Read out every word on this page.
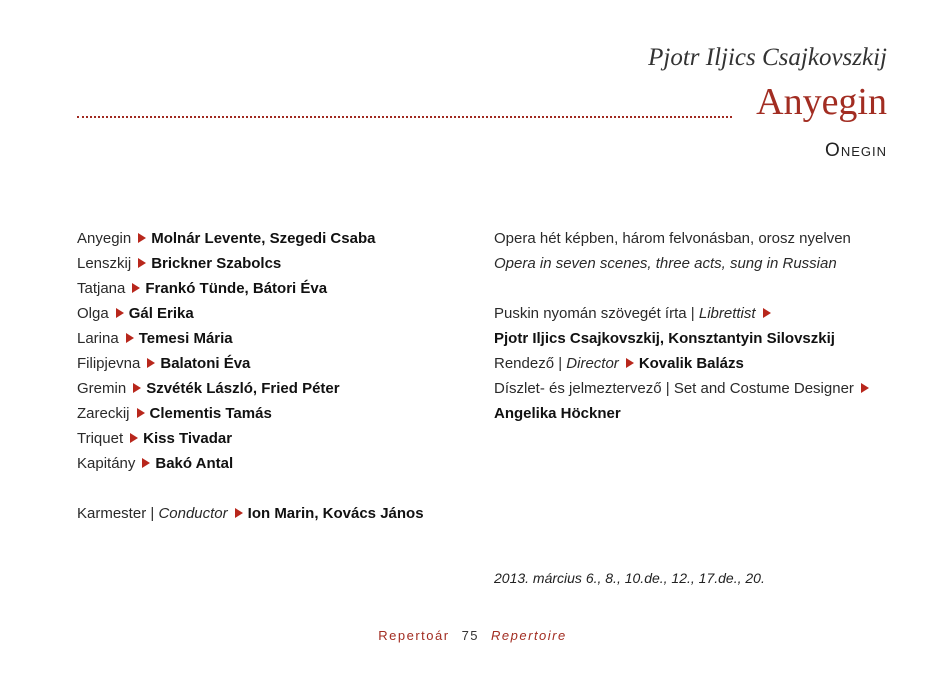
Pjotr Iljics Csajkovszkij
Anyegin
Onegin
Anyegin Molnár Levente, Szegedi Csaba
Lenszkij Brickner Szabolcs
Tatjana Frankó Tünde, Bátori Éva
Olga Gál Erika
Larina Temesi Mária
Filipjevna Balatoni Éva
Gremin Szvéték László, Fried Péter
Zareckij Clementis Tamás
Triquet Kiss Tivadar
Kapitány Bakó Antal
Karmester | Conductor Ion Marin, Kovács János
Opera hét képben, három felvonásban, orosz nyelven
Opera in seven scenes, three acts, sung in Russian
Puskin nyomán szövegét írta | Librettist
Pjotr Iljics Csajkovszkij, Konsztantyin Silovszkij
Rendező | Director Kovalik Balázs
Díszlet- és jelmeztervező | Set and Costume Designer
Angelika Höckner
2013. március 6., 8., 10.de., 12., 17.de., 20.
Repertoár 75 Repertoire
